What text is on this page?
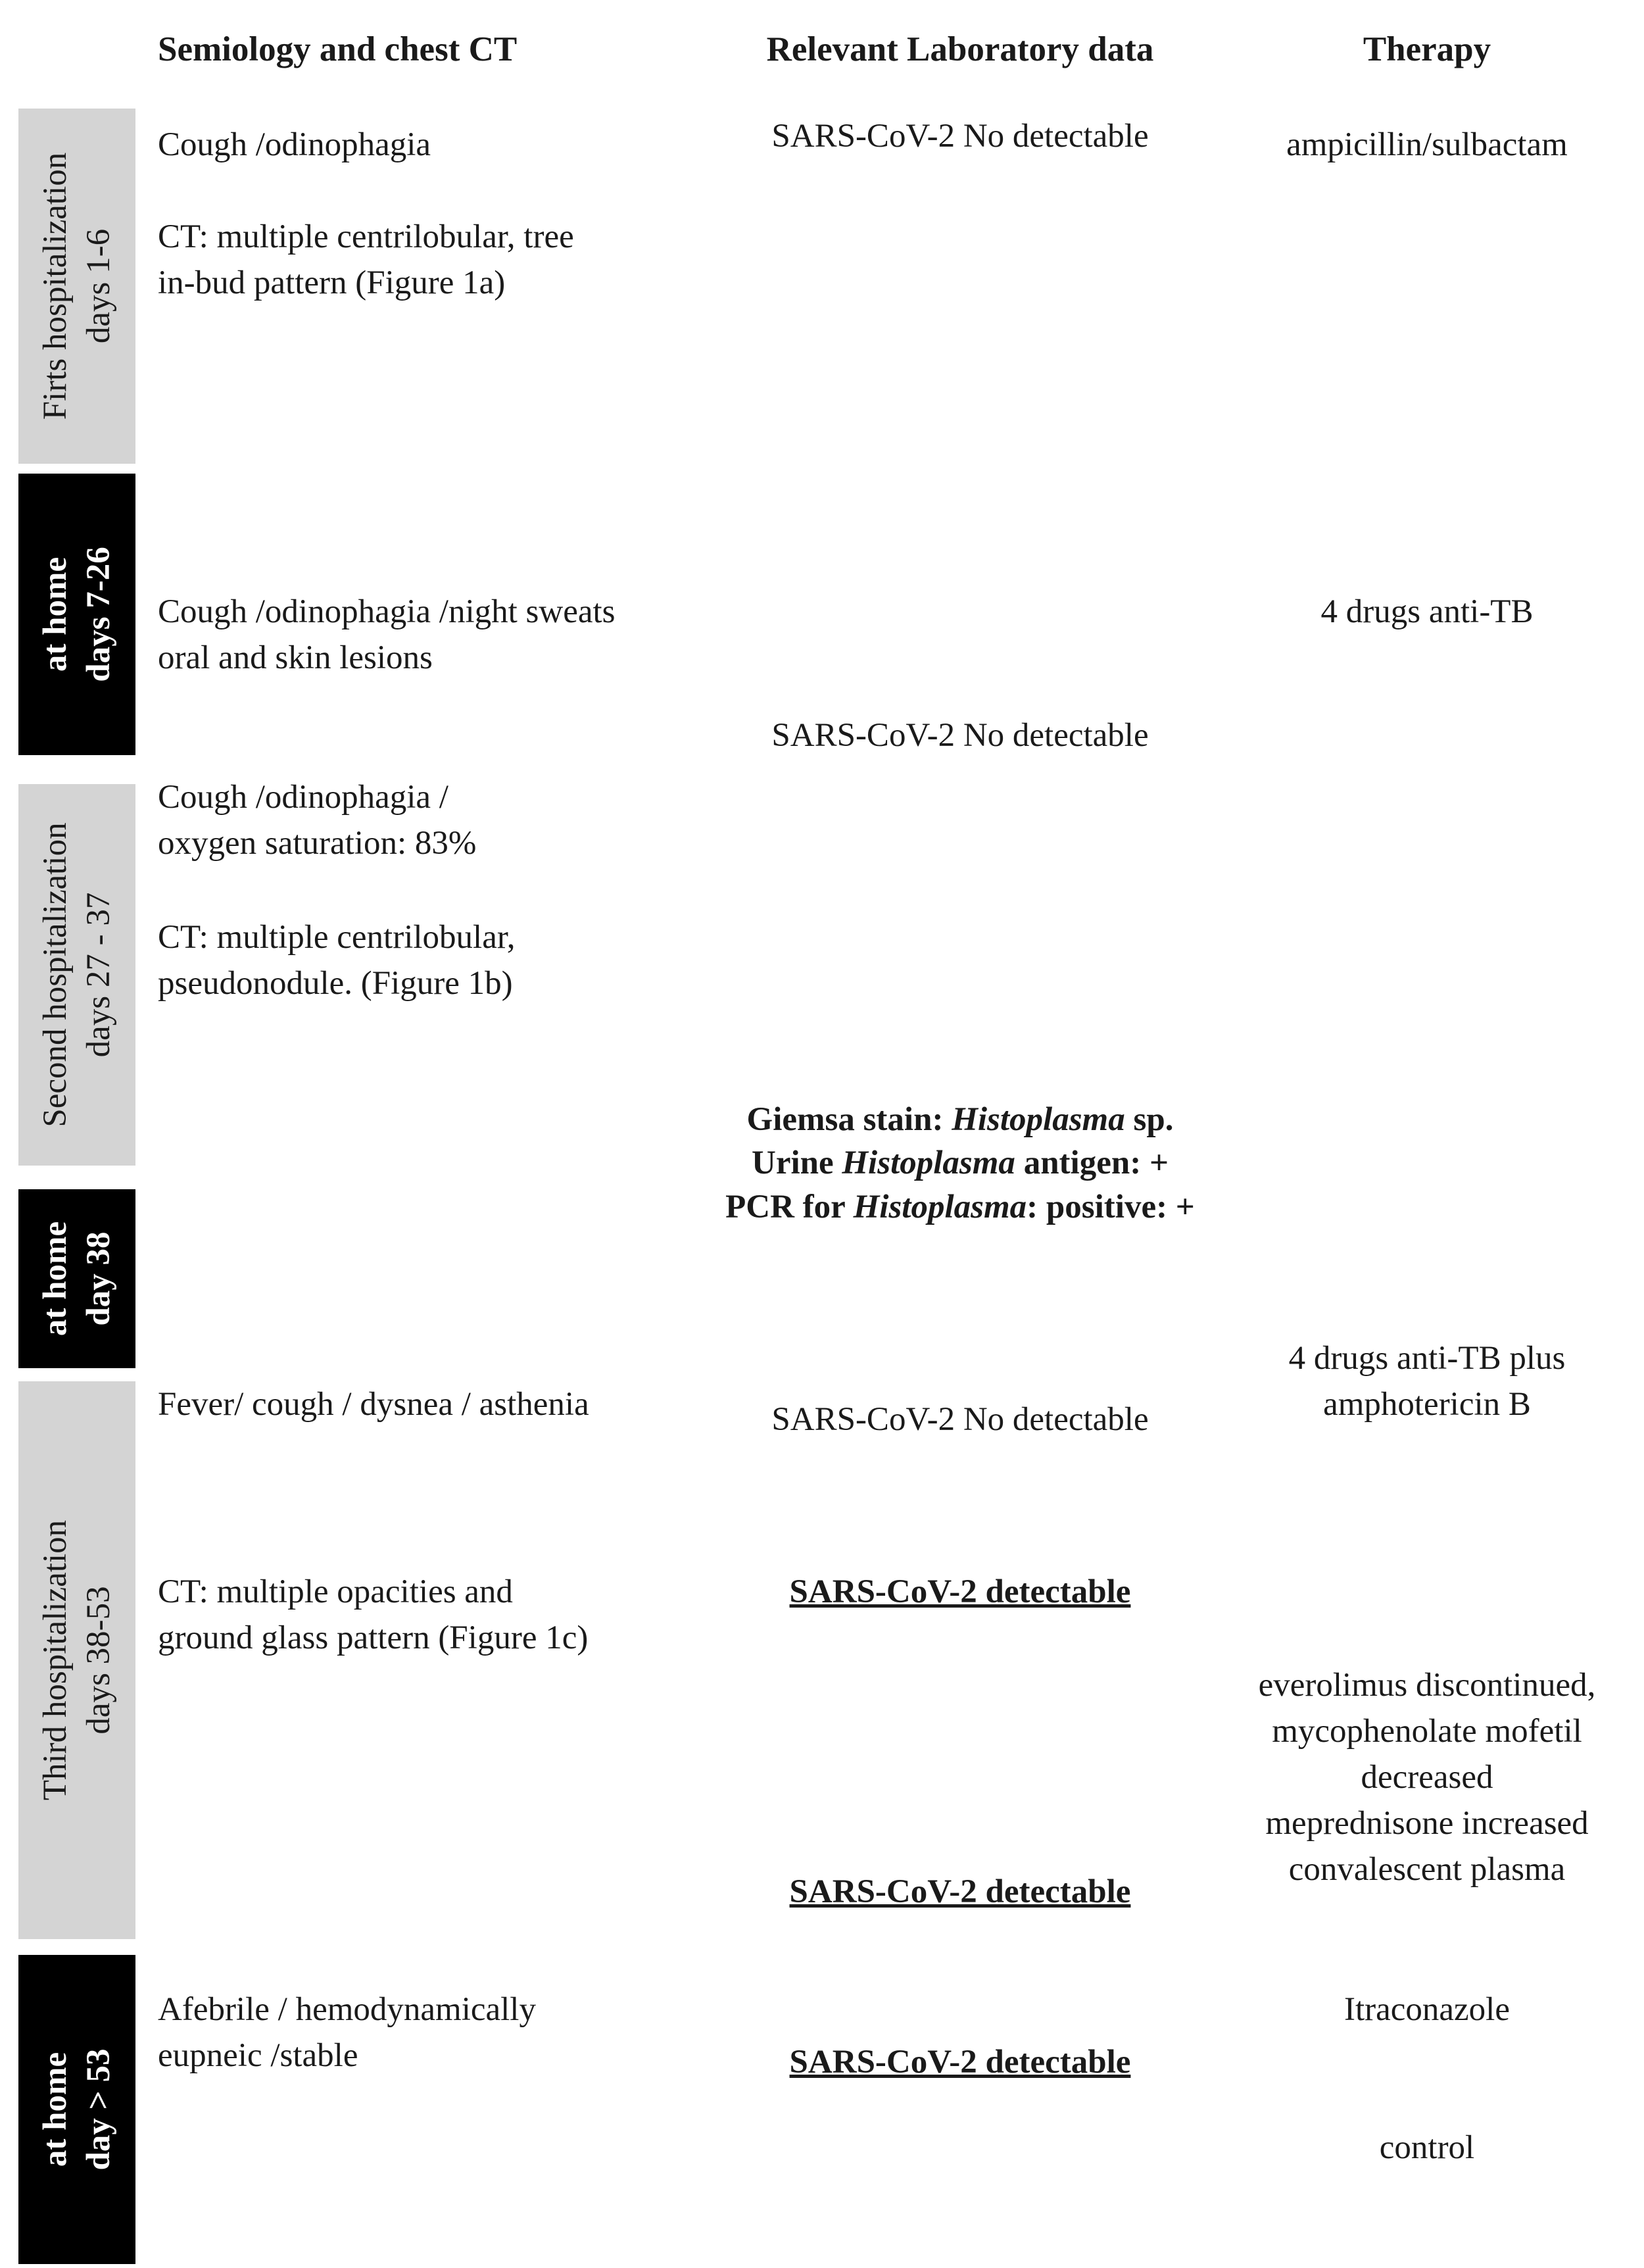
Semiology and chest CT	Relevant Laboratory data	Therapy
Firts hospitalization days 1-6
at home days 7-26
Second hospitalization days 27 - 37
at home day 38
Third hospitalization days 38-53
at home day > 53
Cough /odinophagia
CT: multiple centrilobular, tree
in-bud pattern (Figure 1a)
Cough /odinophagia /night sweats
oral and skin lesions
Cough /odinophagia /
oxygen saturation: 83%
CT: multiple centrilobular,
pseudonodule. (Figure 1b)
Fever/ cough / dysnea / asthenia
CT: multiple opacities and
ground glass pattern (Figure 1c)
Afebrile / hemodynamically
eupneic /stable
SARS-CoV-2 No detectable
SARS-CoV-2 No detectable
Giemsa stain: Histoplasma sp.
Urine Histoplasma antigen: +
PCR for Histoplasma: positive: +
SARS-CoV-2 No detectable
SARS-CoV-2 detectable
SARS-CoV-2 detectable
SARS-CoV-2 detectable
ampicillin/sulbactam
4 drugs anti-TB
4 drugs anti-TB plus
amphotericin B
everolimus discontinued,
mycophenolate mofetil
decreased
meprednisone increased
convalescent plasma
Itraconazole
control
